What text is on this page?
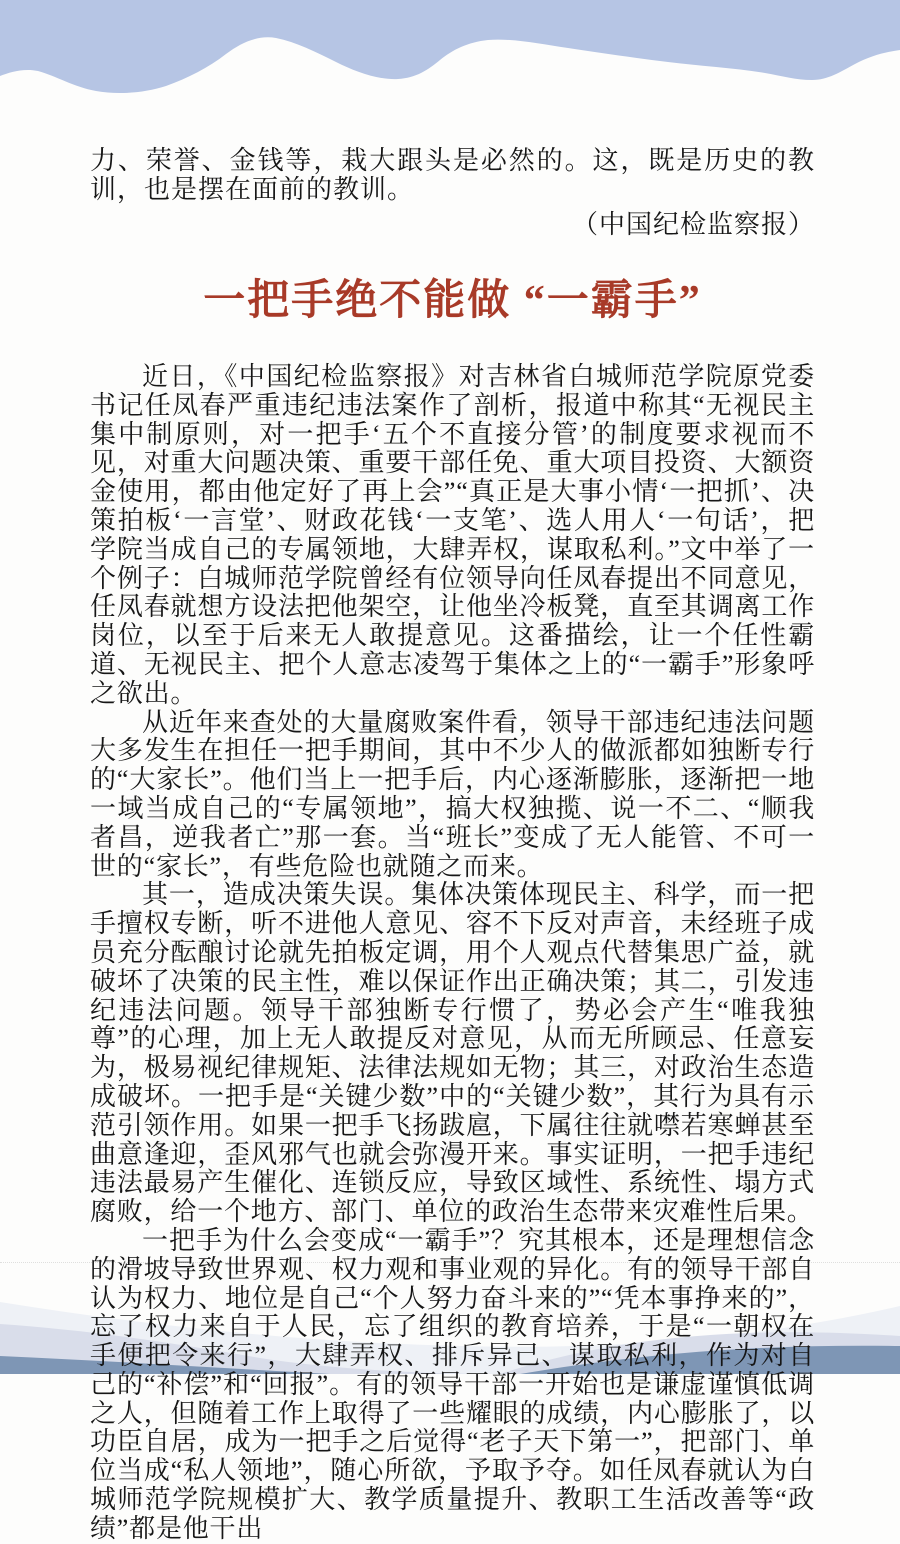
力、荣誉、金钱等，栽大跟头是必然的。这，既是历史的教训，也是摆在面前的教训。

（中国纪检监察报）

一把手绝不能做 “一霸手”

近日，《中国纪检监察报》对吉林省白城师范学院原党委书记任凤春严重违纪违法案作了剖析，报道中称其“无视民主集中制原则，对一把手‘五个不直接分管’的制度要求视而不见，对重大问题决策、重要干部任免、重大项目投资、大额资金使用，都由他定好了再上会”“真正是大事小情‘一把抓’、决策拍板‘一言堂’、财政花钱‘一支笔’、选人用人‘一句话’，把学院当成自己的专属领地，大肆弄权，谋取私利。”文中举了一个例子：白城师范学院曾经有位领导向任凤春提出不同意见，任凤春就想方设法把他架空，让他坐冷板凳，直至其调离工作岗位，以至于后来无人敢提意见。这番描绘，让一个任性霸道、无视民主、把个人意志凌驾于集体之上的“一霸手”形象呼之欲出。

从近年来查处的大量腐败案件看，领导干部违纪违法问题大多发生在担任一把手期间，其中不少人的做派都如独断专行的“大家长”。他们当上一把手后，内心逐渐膨胀，逐渐把一地一域当成自己的“专属领地”，搞大权独揽、说一不二、“顺我者昌，逆我者亡”那一套。当“班长”变成了无人能管、不可一世的“家长”，有些危险也就随之而来。

其一，造成决策失误。集体决策体现民主、科学，而一把手擅权专断，听不进他人意见、容不下反对声音，未经班子成员充分酝酿讨论就先拍板定调，用个人观点代替集思广益，就破坏了决策的民主性，难以保证作出正确决策；其二，引发违纪违法问题。领导干部独断专行惯了，势必会产生“唯我独尊”的心理，加上无人敢提反对意见，从而无所顾忌、任意妄为，极易视纪律规矩、法律法规如无物；其三，对政治生态造成破坏。一把手是“关键少数”中的“关键少数”，其行为具有示范引领作用。如果一把手飞扬跋扈，下属往往就噤若寒蝉甚至曲意逢迎，歪风邪气也就会弥漫开来。事实证明，一把手违纪违法最易产生催化、连锁反应，导致区域性、系统性、塌方式腐败，给一个地方、部门、单位的政治生态带来灾难性后果。

一把手为什么会变成“一霸手”？究其根本，还是理想信念的滑坡导致世界观、权力观和事业观的异化。有的领导干部自认为权力、地位是自己“个人努力奋斗来的”“凭本事挣来的”，忘了权力来自于人民，忘了组织的教育培养，于是“一朝权在手便把令来行”，大肆弄权、排斥异己、谋取私利，作为对自己的“补偿”和“回报”。有的领导干部一开始也是谦虚谨慎低调之人，但随着工作上取得了一些耀眼的成绩，内心膨胀了，以功臣自居，成为一把手之后觉得“老子天下第一”，把部门、单位当成“私人领地”，随心所欲，予取予夺。如任凤春就认为白城师范学院规模扩大、教学质量提升、教职工生活改善等“政绩”都是他干出
